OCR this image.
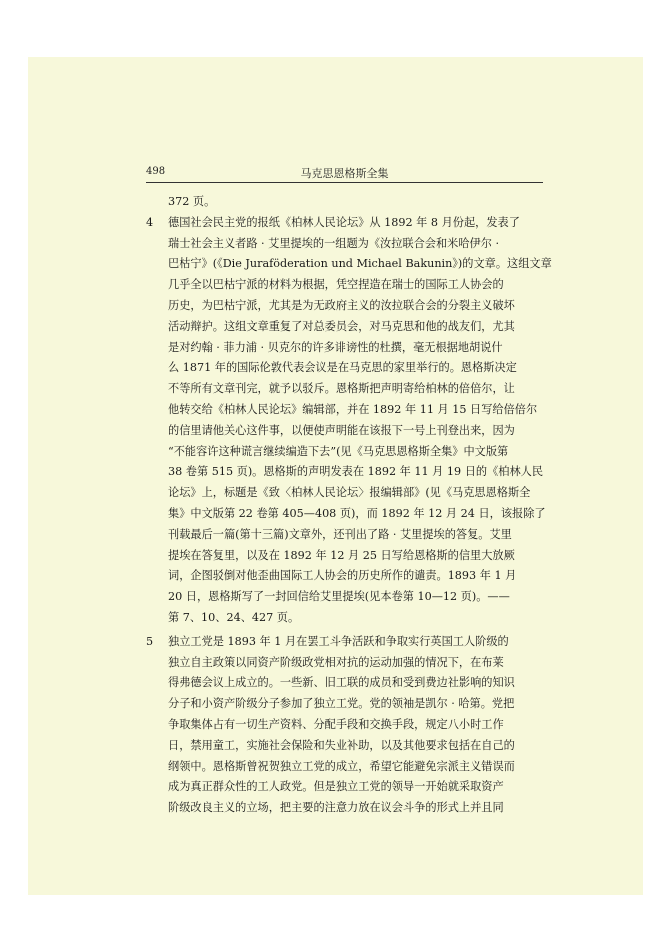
498	马克思恩格斯全集

372 页。

4 德国社会民主党的报纸《柏林人民论坛》从 1892 年 8 月份起，发表了
瑞士社会主义者路 · 艾里提埃的一组题为《汝拉联合会和米哈伊尔 ·
巴枯宁》(《Die Juraföderation und Michael Bakunin》)的文章。这组文章
几乎全以巴枯宁派的材料为根据，凭空捏造在瑞士的国际工人协会的
历史，为巴枯宁派，尤其是为无政府主义的汝拉联合会的分裂主义破坏
活动辩护。这组文章重复了对总委员会，对马克思和他的战友们，尤其
是对约翰 · 菲力浦 · 贝克尔的许多诽谤性的杜撰，毫无根据地胡说什
么 1871 年的国际伦敦代表会议是在马克思的家里举行的。恩格斯决定
不等所有文章刊完，就予以驳斥。恩格斯把声明寄给柏林的倍倍尔，让
他转交给《柏林人民论坛》编辑部，并在 1892 年 11 月 15 日写给倍倍尔
的信里请他关心这件事，以便使声明能在该报下一号上刊登出来，因为
“不能容许这种谎言继续编造下去”(见《马克思恩格斯全集》中文版第
38 卷第 515 页)。恩格斯的声明发表在 1892 年 11 月 19 日的《柏林人民
论坛》上，标题是《致〈柏林人民论坛〉报编辑部》(见《马克思恩格斯全
集》中文版第 22 卷第 405—408 页)，而 1892 年 12 月 24 日，该报除了
刊载最后一篇(第十三篇)文章外，还刊出了路 · 艾里提埃的答复。艾里
提埃在答复里，以及在 1892 年 12 月 25 日写给恩格斯的信里大放厥
词，企图驳倒对他歪曲国际工人协会的历史所作的谴责。1893 年 1 月
20 日，恩格斯写了一封回信给艾里提埃(见本卷第 10—12 页)。——
第 7、10、24、427 页。
5 独立工党是 1893 年 1 月在罢工斗争活跃和争取实行英国工人阶级的
独立自主政策以同资产阶级政党相对抗的运动加强的情况下，在布莱
得弗德会议上成立的。一些新、旧工联的成员和受到费边社影响的知识
分子和小资产阶级分子参加了独立工党。党的领袖是凯尔 · 哈第。党把
争取集体占有一切生产资料、分配手段和交换手段，规定八小时工作
日，禁用童工，实施社会保险和失业补助，以及其他要求包括在自己的
纲领中。恩格斯曾祝贺独立工党的成立，希望它能避免宗派主义错误而
成为真正群众性的工人政党。但是独立工党的领导一开始就采取资产
阶级改良主义的立场，把主要的注意力放在议会斗争的形式上并且同
